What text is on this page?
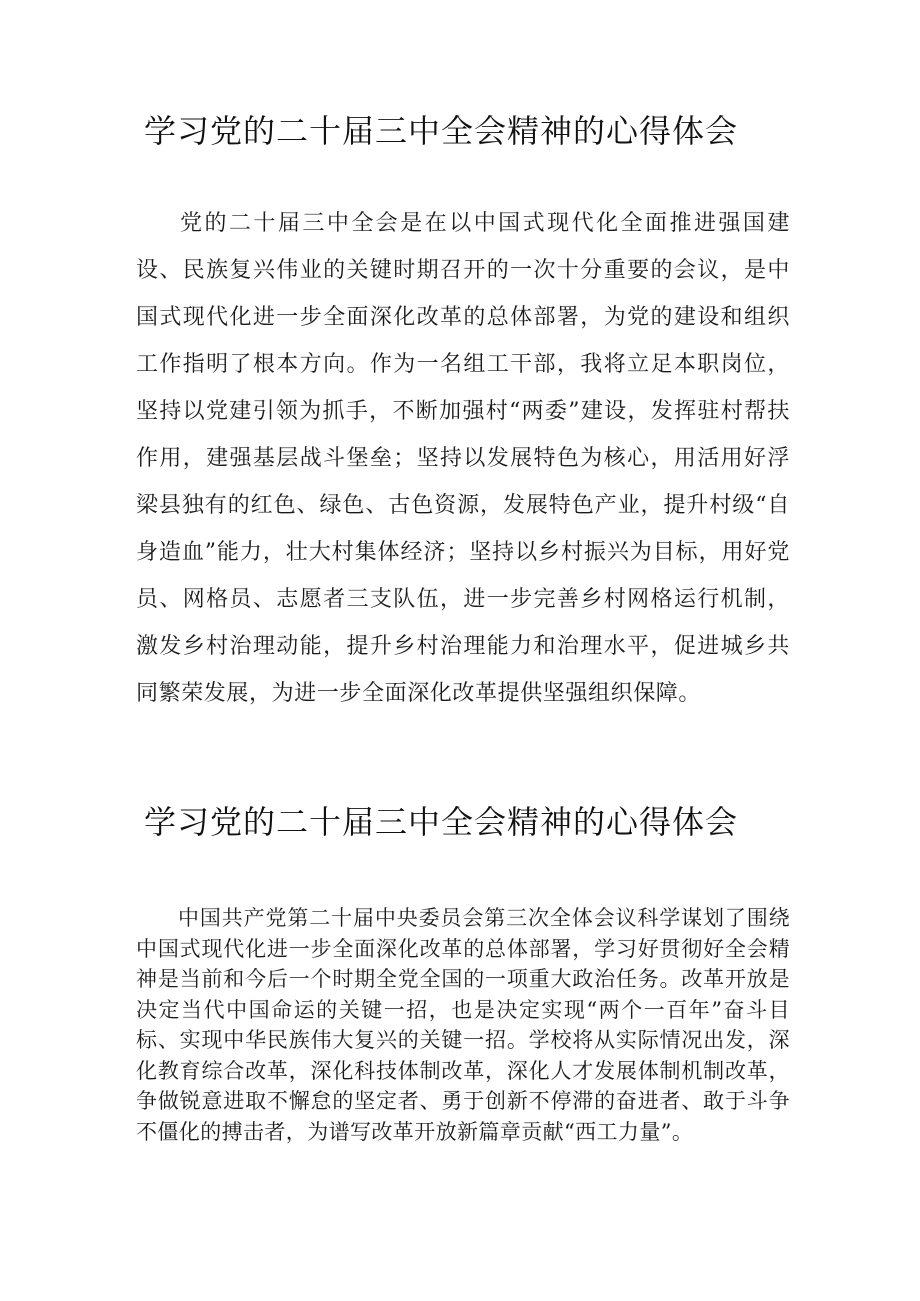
学习党的二十届三中全会精神的心得体会

党的二十届三中全会是在以中国式现代化全面推进强国建设、民族复兴伟业的关键时期召开的一次十分重要的会议，是中国式现代化进一步全面深化改革的总体部署，为党的建设和组织工作指明了根本方向。作为一名组工干部，我将立足本职岗位，坚持以党建引领为抓手，不断加强村“两委”建设，发挥驻村帮扶作用，建强基层战斗堡垒；坚持以发展特色为核心，用活用好浮梁县独有的红色、绿色、古色资源，发展特色产业，提升村级“自身造血”能力，壮大村集体经济；坚持以乡村振兴为目标，用好党员、网格员、志愿者三支队伍，进一步完善乡村网格运行机制，激发乡村治理动能，提升乡村治理能力和治理水平，促进城乡共同繁荣发展，为进一步全面深化改革提供坚强组织保障。

学习党的二十届三中全会精神的心得体会

中国共产党第二十届中央委员会第三次全体会议科学谋划了围绕中国式现代化进一步全面深化改革的总体部署，学习好贯彻好全会精神是当前和今后一个时期全党全国的一项重大政治任务。改革开放是决定当代中国命运的关键一招，也是决定实现“两个一百年”奋斗目标、实现中华民族伟大复兴的关键一招。学校将从实际情况出发，深化教育综合改革，深化科技体制改革，深化人才发展体制机制改革，争做锐意进取不懈怠的坚定者、勇于创新不停滞的奋进者、敢于斗争不僵化的搏击者，为谱写改革开放新篇章贡献“西工力量”。
